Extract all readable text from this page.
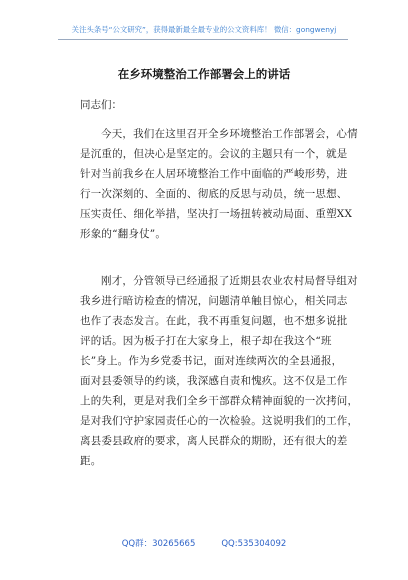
关注头条号“公文研究”，获得最新最全最专业的公文资料库！ 微信：gongwenyj
在乡环境整治工作部署会上的讲话
同志们：
今天，我们在这里召开全乡环境整治工作部署会，心情
是沉重的，但决心是坚定的。会议的主题只有一个，就是
针对当前我乡在人居环境整治工作中面临的严峻形势，进
行一次深刻的、全面的、彻底的反思与动员，统一思想、
压实责任、细化举措，坚决打一场扭转被动局面、重塑XX
形象的“翻身仗”。
刚才，分管领导已经通报了近期县农业农村局督导组对
我乡进行暗访检查的情况，问题清单触目惊心，相关同志
也作了表态发言。在此，我不再重复问题，也不想多说批
评的话。因为板子打在大家身上，根子却在我这个“班
长”身上。作为乡党委书记，面对连续两次的全县通报，
面对县委领导的约谈，我深感自责和愧疚。这不仅是工作
上的失利，更是对我们全乡干部群众精神面貌的一次拷问，
是对我们守护家园责任心的一次检验。这说明我们的工作，
离县委县政府的要求，离人民群众的期盼，还有很大的差
距。
QQ群：30265665	QQ:535304092
